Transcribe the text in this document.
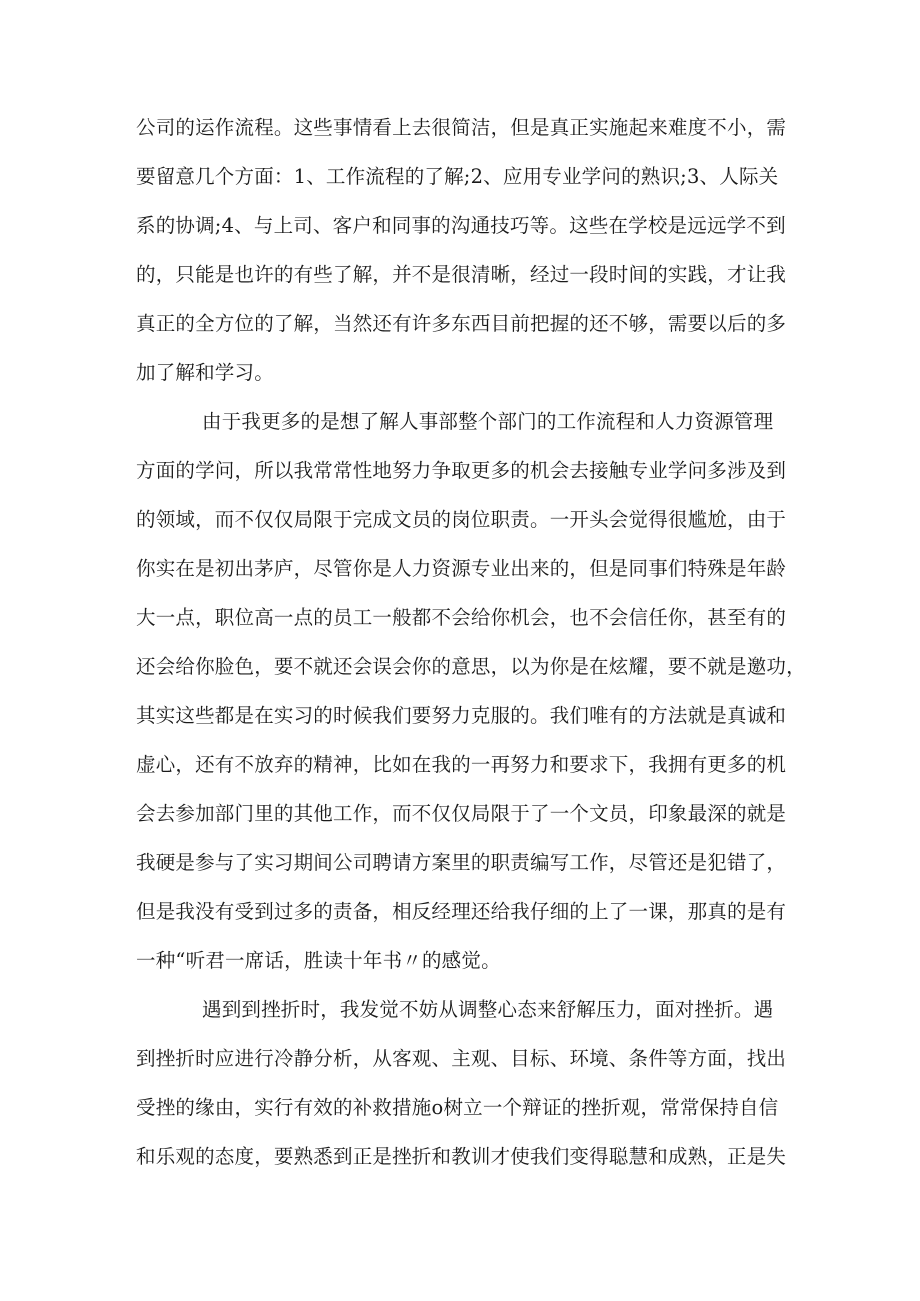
公司的运作流程。这些事情看上去很简洁，但是真正实施起来难度不小，需
要留意几个方面：1、工作流程的了解;2、应用专业学问的熟识;3、人际关
系的协调;4、与上司、客户和同事的沟通技巧等。这些在学校是远远学不到
的，只能是也许的有些了解，并不是很清晰，经过一段时间的实践，才让我
真正的全方位的了解，当然还有许多东西目前把握的还不够，需要以后的多
加了解和学习。
由于我更多的是想了解人事部整个部门的工作流程和人力资源管理
方面的学问，所以我常常性地努力争取更多的机会去接触专业学问多涉及到
的领域，而不仅仅局限于完成文员的岗位职责。一开头会觉得很尴尬，由于
你实在是初出茅庐，尽管你是人力资源专业出来的，但是同事们特殊是年龄
大一点，职位高一点的员工一般都不会给你机会，也不会信任你，甚至有的
还会给你脸色，要不就还会误会你的意思，以为你是在炫耀，要不就是邀功，
其实这些都是在实习的时候我们要努力克服的。我们唯有的方法就是真诚和
虚心，还有不放弃的精神，比如在我的一再努力和要求下，我拥有更多的机
会去参加部门里的其他工作，而不仅仅局限于了一个文员，印象最深的就是
我硬是参与了实习期间公司聘请方案里的职责编写工作，尽管还是犯错了，
但是我没有受到过多的责备，相反经理还给我仔细的上了一课，那真的是有
一种“听君一席话，胜读十年书〃的感觉。
遇到到挫折时，我发觉不妨从调整心态来舒解压力，面对挫折。遇
到挫折时应进行冷静分析，从客观、主观、目标、环境、条件等方面，找出
受挫的缘由，实行有效的补救措施o树立一个辩证的挫折观，常常保持自信
和乐观的态度，要熟悉到正是挫折和教训才使我们变得聪慧和成熟，正是失
